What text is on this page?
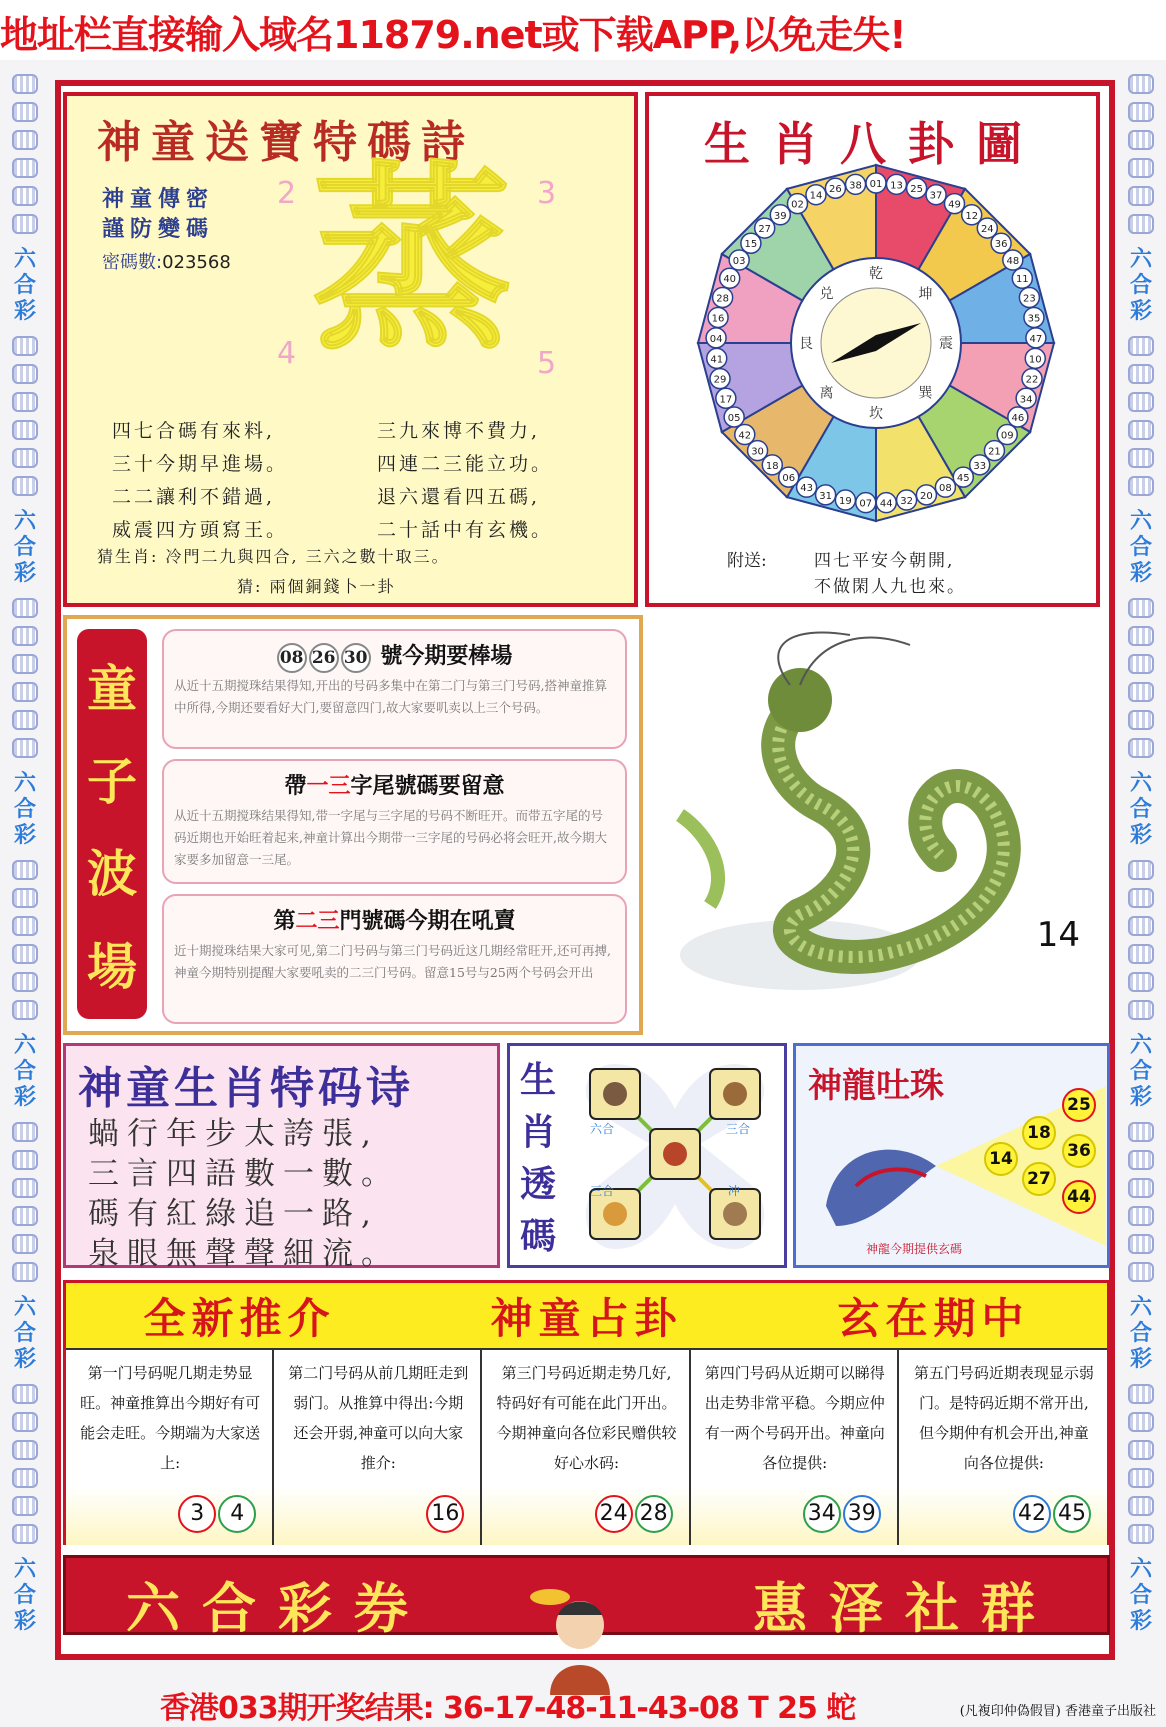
地址栏直接输入域名11879.net或下载APP,以免走失!
六
合
彩
六
合
彩
六
合
彩
六
合
彩
六
合
彩
六
合
彩
六
合
彩
六
合
彩
六
合
彩
六
合
彩
六
合
彩
六
合
彩
神童送寶特碼詩
神童傳密
謹防變碼
密碼數:023568
2	3
4	5
蒸
四七合碼有來料,	三九來博不費力,
三十今期早進場。	四連二三能立功。
二二讓利不錯過,	退六還看四五碼,
威震四方頭寫王。	二十話中有玄機。
猜生肖: 冷門二九與四合, 三六之數十取三。
猜: 兩個銅錢卜一卦
生肖八卦圖
01 13 25
37
49
12
24
36
48
11
23
35
47
10
22
34
46
09
21
33
45
08
20
32
44
07
19
31
43
06
18
30
42
05
17
29
41
04
16
28
40
03
15
27
39
02
14
26 38
乾
坤
震
巽
坎
离
艮
兑
附送:	四七平安今朝開,
不做閑人九也來。
童
子
波
場
08 26 30 號今期要棒場
从近十五期搅珠结果得知,开出的号码多集中在第二门与第三门号码,搭神童推算中所得,今期还要看好大门,要留意四门,故大家要叽卖以上三个号码。
帶一三字尾號碼要留意
从近十五期搅珠结果得知,带一字尾与三字尾的号码不断旺开。而带五字尾的号码近期也开始旺着起来,神童计算出今期带一三字尾的号码必将会旺开,故今期大家要多加留意一三尾。
第二三門號碼今期在吼賣
近十期搅珠结果大家可见,第二门号码与第三门号码近这几期经常旺开,还可再搏,神童今期特别提醒大家要吼卖的二三门号码。留意15号与25两个号码会开出
14
神童生肖特码诗
蝸行年步太誇張,
三言四語數一數。
碼有紅綠追一路,
泉眼無聲聲細流。
生
肖
透
碼
六合	三合
三合	冲
神龍吐珠	25
18
14	36
27
44
神龍今期提供玄碼
全新推介	神童占卦	玄在期中
第一门号码呢几期走势显旺。神童推算出今期好有可能会走旺。今期端为大家送上:
3 4
第二门号码从前几期旺走到弱门。从推算中得出:今期还会开弱,神童可以向大家推介:
16
第三门号码近期走势几好,特码好有可能在此门开出。今期神童向各位彩民赠供较好心水码:
24 28
第四门号码从近期可以睇得出走势非常平稳。今期应仲有一两个号码开出。神童向各位提供:
34 39
第五门号码近期表现显示弱门。是特码近期不常开出,但今期仲有机会开出,神童向各位提供:
42 45
六合彩券	惠泽社群
香港033期开奖结果: 36-17-48-11-43-08 T 25 蛇	(凡複印仲偽假冒) 香港童子出版社
